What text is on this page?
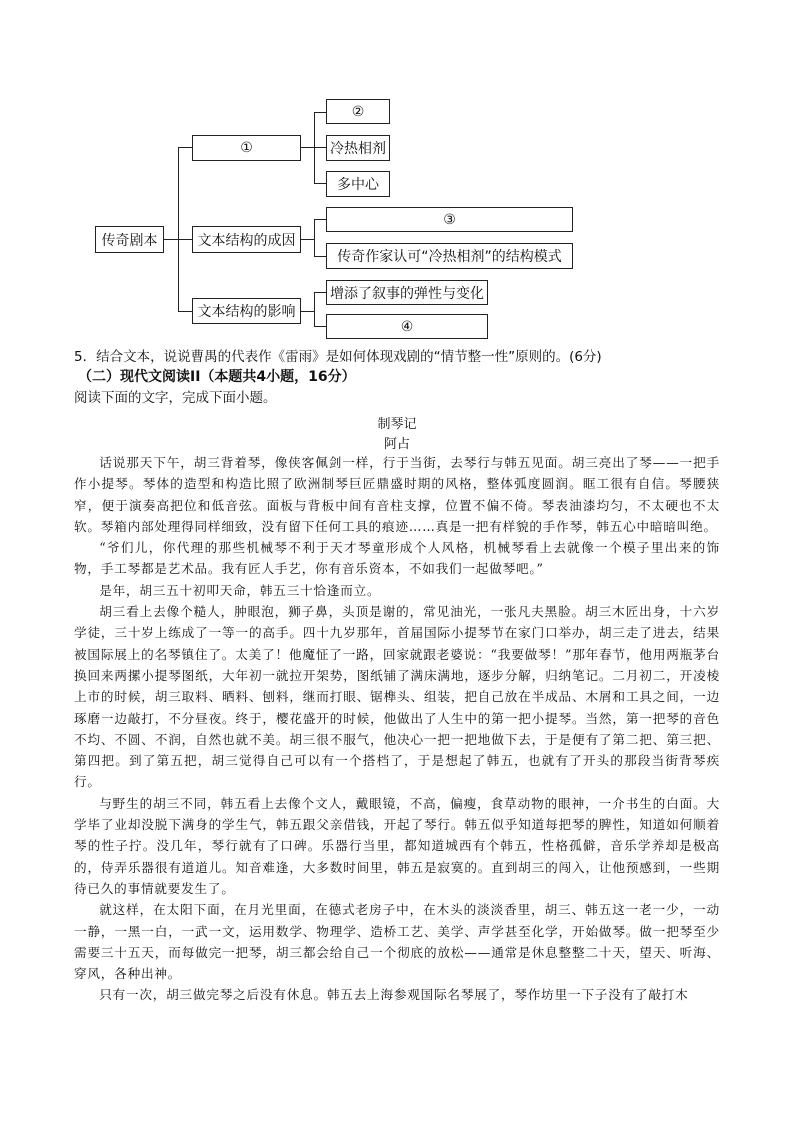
传奇剧本
①
②
冷热相剂
多中心
文本结构的成因
③
传奇作家认可“冷热相剂”的结构模式
文本结构的影响
增添了叙事的弹性与变化
④
5．结合文本，说说曹禺的代表作《雷雨》是如何体现戏剧的“情节整一性”原则的。(6分)
（二）现代文阅读II（本题共4小题，16分）
阅读下面的文字，完成下面小题。
制琴记
阿占

话说那天下午，胡三背着琴，像侠客佩剑一样，行于当街，去琴行与韩五见面。胡三亮出了琴——一把手作小提琴。琴体的造型和构造比照了欧洲制琴巨匠鼎盛时期的风格，整体弧度圆润。眶工很有自信。琴腰狭窄，便于演奏高把位和低音弦。面板与背板中间有音柱支撑，位置不偏不倚。琴表油漆均匀，不太硬也不太软。琴箱内部处理得同样细致，没有留下任何工具的痕迹……真是一把有样貌的手作琴，韩五心中暗暗叫绝。

“爷们儿，你代理的那些机械琴不利于天才琴童形成个人风格，机械琴看上去就像一个模子里出来的饰物，手工琴都是艺术品。我有匠人手艺，你有音乐资本，不如我们一起做琴吧。”

是年，胡三五十初叩天命，韩五三十恰逢而立。

胡三看上去像个糙人，肿眼泡，狮子鼻，头顶是谢的，常见油光，一张凡夫黑脸。胡三木匠出身，十六岁学徒，三十岁上练成了一等一的高手。四十九岁那年，首届国际小提琴节在家门口举办，胡三走了进去，结果被国际展上的名琴镇住了。太美了！他魔怔了一路，回家就跟老婆说：“我要做琴！”那年春节，他用两瓶茅台换回来两摞小提琴图纸，大年初一就拉开架势，图纸铺了满床满地，逐步分解，归纳笔记。二月初二，开凌棱上市的时候，胡三取料、晒料、刨料，继而打眼、锯榫头、组装，把自己放在半成品、木屑和工具之间，一边琢磨一边敲打，不分昼夜。终于，樱花盛开的时候，他做出了人生中的第一把小提琴。当然，第一把琴的音色不均、不圆、不润，自然也就不美。胡三很不服气，他决心一把一把地做下去，于是便有了第二把、第三把、第四把。到了第五把，胡三觉得自己可以有一个搭档了，于是想起了韩五，也就有了开头的那段当街背琴疾行。

与野生的胡三不同，韩五看上去像个文人，戴眼镜，不高，偏瘦，食草动物的眼神，一介书生的白面。大学毕了业却没脱下满身的学生气，韩五跟父亲借钱，开起了琴行。韩五似乎知道每把琴的脾性，知道如何顺着琴的性子拧。没几年，琴行就有了口碑。乐器行当里，都知道城西有个韩五，性格孤僻，音乐学养却是极高的，侍弄乐器很有道道儿。知音难逢，大多数时间里，韩五是寂寞的。直到胡三的闯入，让他预感到，一些期待已久的事情就要发生了。

就这样，在太阳下面，在月光里面，在德式老房子中，在木头的淡淡香里，胡三、韩五这一老一少，一动一静，一黑一白，一武一文，运用数学、物理学、造桥工艺、美学、声学甚至化学，开始做琴。做一把琴至少需要三十五天，而每做完一把琴，胡三都会给自己一个彻底的放松——通常是休息整整二十天，望天、听海、穿风，各种出神。

只有一次，胡三做完琴之后没有休息。韩五去上海参观国际名琴展了，琴作坊里一下子没有了敲打木
